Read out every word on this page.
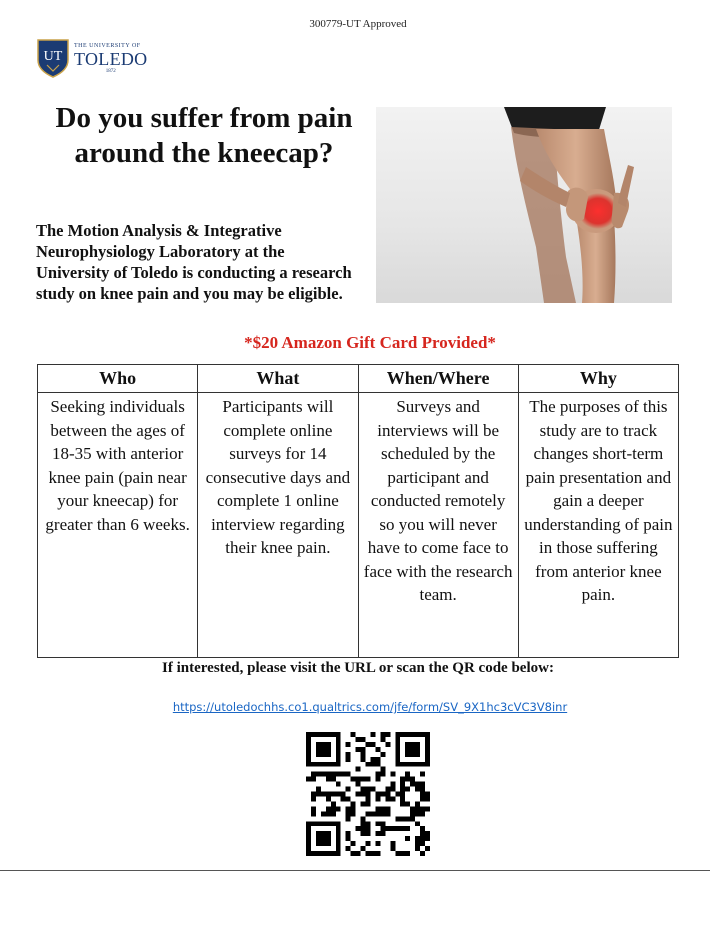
300779-UT Approved
UT
THE UNIVERSITY OF
TOLEDO
1872
Do you suffer from pain around the kneecap?

The Motion Analysis & Integrative Neurophysiology Laboratory at the University of Toledo is conducting a research study on knee pain and you may be eligible.

*$20 Amazon Gift Card Provided*
Who	What	When/Where	Why
Seeking individuals between the ages of 18-35 with anterior knee pain (pain near your kneecap) for greater than 6 weeks.	Participants will complete online surveys for 14 consecutive days and complete 1 online interview regarding their knee pain.	Surveys and interviews will be scheduled by the participant and conducted remotely so you will never have to come face to face with the research team.	The purposes of this study are to track changes short-term pain presentation and gain a deeper understanding of pain in those suffering from anterior knee pain.
If interested, please visit the URL or scan the QR code below:
https://utoledochhs.co1.qualtrics.com/jfe/form/SV_9X1hc3cVC3V8inr
